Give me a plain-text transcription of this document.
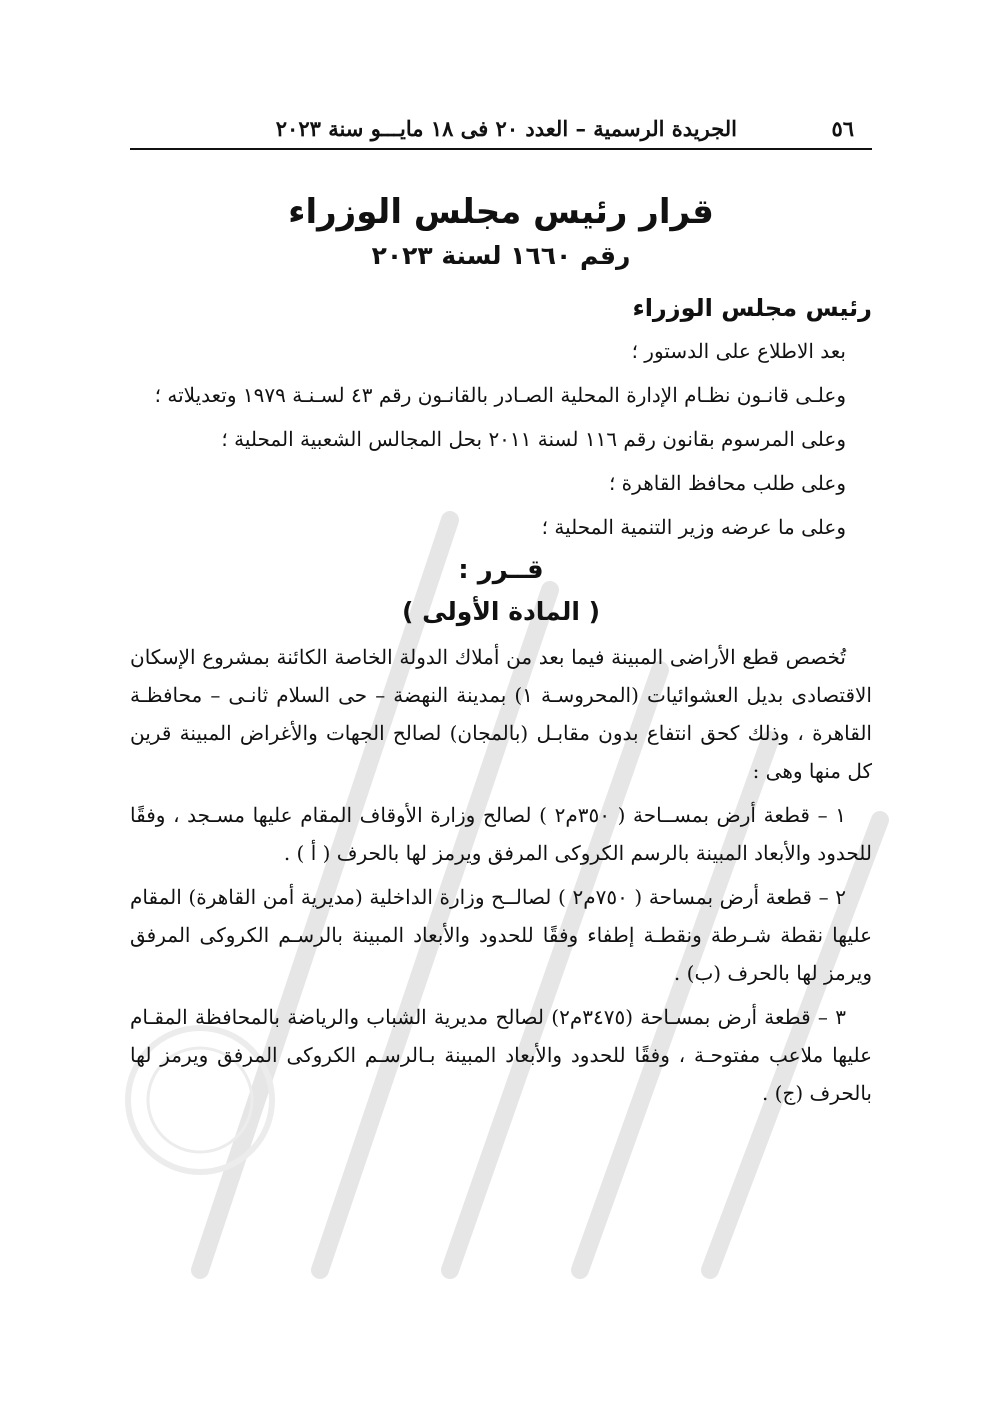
٥٦
الجريدة الرسمية – العدد ٢٠ فى ١٨ مايـــو سنة ٢٠٢٣
قرار رئيس مجلس الوزراء
رقم ١٦٦٠ لسنة ٢٠٢٣
رئيس مجلس الوزراء

بعد الاطلاع على الدستور ؛

وعلـى قانـون نظـام الإدارة المحلية الصـادر بالقانـون رقم ٤٣ لسـنـة ١٩٧٩ وتعديلاته ؛

وعلى المرسوم بقانون رقم ١١٦ لسنة ٢٠١١ بحل المجالس الشعبية المحلية ؛

وعلى طلب محافظ القاهرة ؛

وعلى ما عرضه وزير التنمية المحلية ؛

قــرر :
( المادة الأولى )

تُخصص قطع الأراضى المبينة فيما بعد من أملاك الدولة الخاصة الكائنة بمشروع الإسكان الاقتصادى بديل العشوائيات (المحروسـة ١) بمدينة النهضة – حى السلام ثانـى – محافظـة القاهرة ، وذلك كحق انتفاع بدون مقابـل (بالمجان) لصالح الجهات والأغراض المبينة قرين كل منها وهى :

١ – قطعة أرض بمســاحة ( ٣٥٠م٢ ) لصالح وزارة الأوقاف المقام عليها مسـجد ، وفقًا للحدود والأبعاد المبينة بالرسم الكروكى المرفق ويرمز لها بالحرف ( أ ) .

٢ – قطعة أرض بمساحة ( ٧٥٠م٢ ) لصالــح وزارة الداخلية (مديرية أمن القاهرة) المقام عليها نقطة شـرطة ونقطـة إطفاء وفقًا للحدود والأبعاد المبينة بالرسـم الكروكى المرفق ويرمز لها بالحرف (ب) .

٣ – قطعة أرض بمسـاحة (٣٤٧٥م٢) لصالح مديرية الشباب والرياضة بالمحافظة المقـام عليها ملاعب مفتوحـة ، وفقًا للحدود والأبعاد المبينة بـالرسـم الكروكى المرفق ويرمز لها بالحرف (ج) .
